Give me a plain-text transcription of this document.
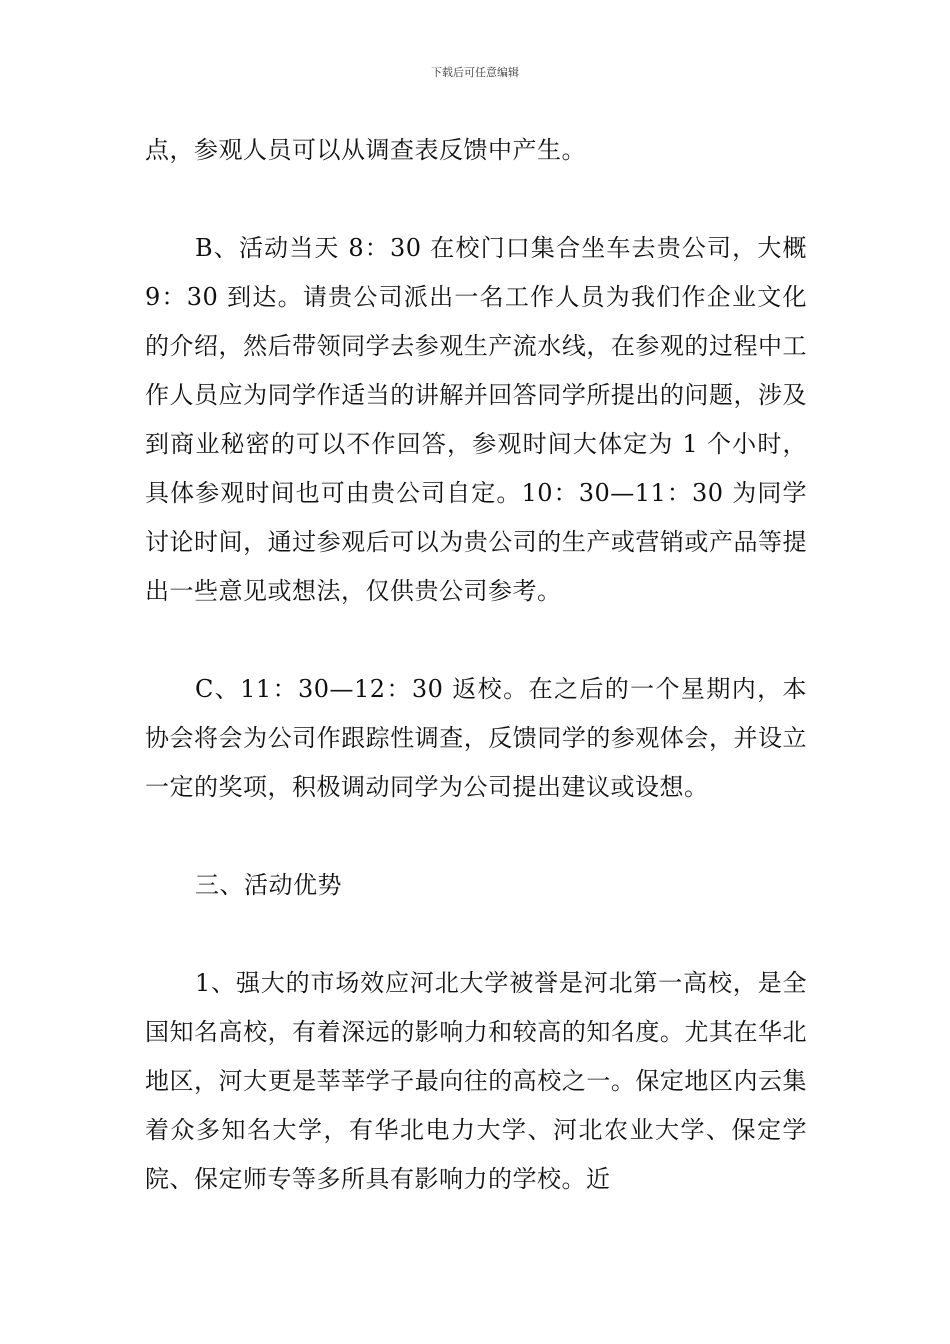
下载后可任意编辑

点，参观人员可以从调查表反馈中产生。

B、活动当天 8：30 在校门口集合坐车去贵公司，大概 9：30 到达。请贵公司派出一名工作人员为我们作企业文化的介绍，然后带领同学去参观生产流水线，在参观的过程中工作人员应为同学作适当的讲解并回答同学所提出的问题，涉及到商业秘密的可以不作回答，参观时间大体定为 1 个小时，具体参观时间也可由贵公司自定。10：30—11：30 为同学讨论时间，通过参观后可以为贵公司的生产或营销或产品等提出一些意见或想法，仅供贵公司参考。

C、11：30—12：30 返校。在之后的一个星期内，本协会将会为公司作跟踪性调查，反馈同学的参观体会，并设立一定的奖项，积极调动同学为公司提出建议或设想。

三、活动优势

1、强大的市场效应河北大学被誉是河北第一高校，是全国知名高校，有着深远的影响力和较高的知名度。尤其在华北地区，河大更是莘莘学子最向往的高校之一。保定地区内云集着众多知名大学，有华北电力大学、河北农业大学、保定学院、保定师专等多所具有影响力的学校。近
